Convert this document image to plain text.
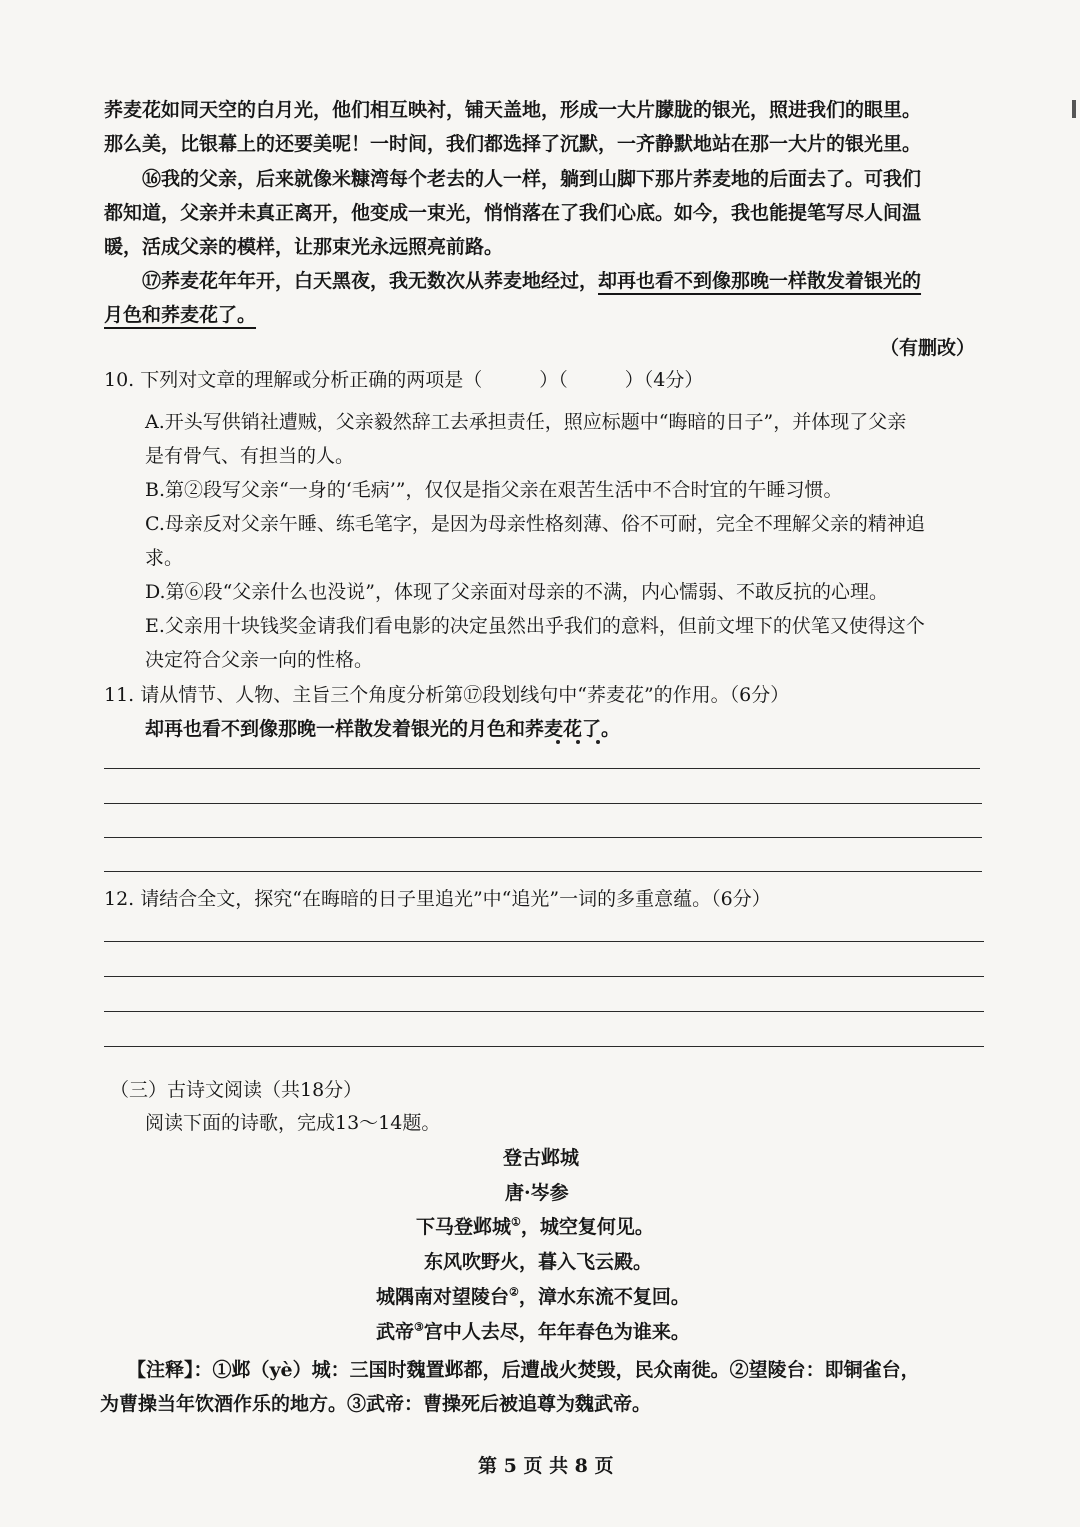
荞麦花如同天空的白月光，他们相互映衬，铺天盖地，形成一大片朦胧的银光，照进我们的眼里。
那么美，比银幕上的还要美呢！一时间，我们都选择了沉默，一齐静默地站在那一大片的银光里。
⑯我的父亲，后来就像米糠湾每个老去的人一样，躺到山脚下那片荞麦地的后面去了。可我们
都知道，父亲并未真正离开，他变成一束光，悄悄落在了我们心底。如今，我也能提笔写尽人间温
暖，活成父亲的模样，让那束光永远照亮前路。
⑰荞麦花年年开，白天黑夜，我无数次从荞麦地经过，却再也看不到像那晚一样散发着银光的
月色和荞麦花了。
（有删改）
10. 下列对文章的理解或分析正确的两项是（　　　）（　　　）（4分）
A.开头写供销社遭贼，父亲毅然辞工去承担责任，照应标题中“晦暗的日子”，并体现了父亲
是有骨气、有担当的人。
B.第②段写父亲“一身的‘毛病’”，仅仅是指父亲在艰苦生活中不合时宜的午睡习惯。
C.母亲反对父亲午睡、练毛笔字，是因为母亲性格刻薄、俗不可耐，完全不理解父亲的精神追
求。
D.第⑥段“父亲什么也没说”，体现了父亲面对母亲的不满，内心懦弱、不敢反抗的心理。
E.父亲用十块钱奖金请我们看电影的决定虽然出乎我们的意料，但前文埋下的伏笔又使得这个
决定符合父亲一向的性格。
11. 请从情节、人物、主旨三个角度分析第⑰段划线句中“荞麦花”的作用。（6分）
却再也看不到像那晚一样散发着银光的月色和荞麦花了。
12. 请结合全文，探究“在晦暗的日子里追光”中“追光”一词的多重意蕴。（6分）
（三）古诗文阅读（共18分）
阅读下面的诗歌，完成13～14题。
登古邺城
唐·岑参
下马登邺城①，城空复何见。
东风吹野火，暮入飞云殿。
城隅南对望陵台②，漳水东流不复回。
武帝③宫中人去尽，年年春色为谁来。
【注释】：①邺（yè）城：三国时魏置邺都，后遭战火焚毁，民众南徙。②望陵台：即铜雀台，
为曹操当年饮酒作乐的地方。③武帝：曹操死后被追尊为魏武帝。
第 5 页 共 8 页
